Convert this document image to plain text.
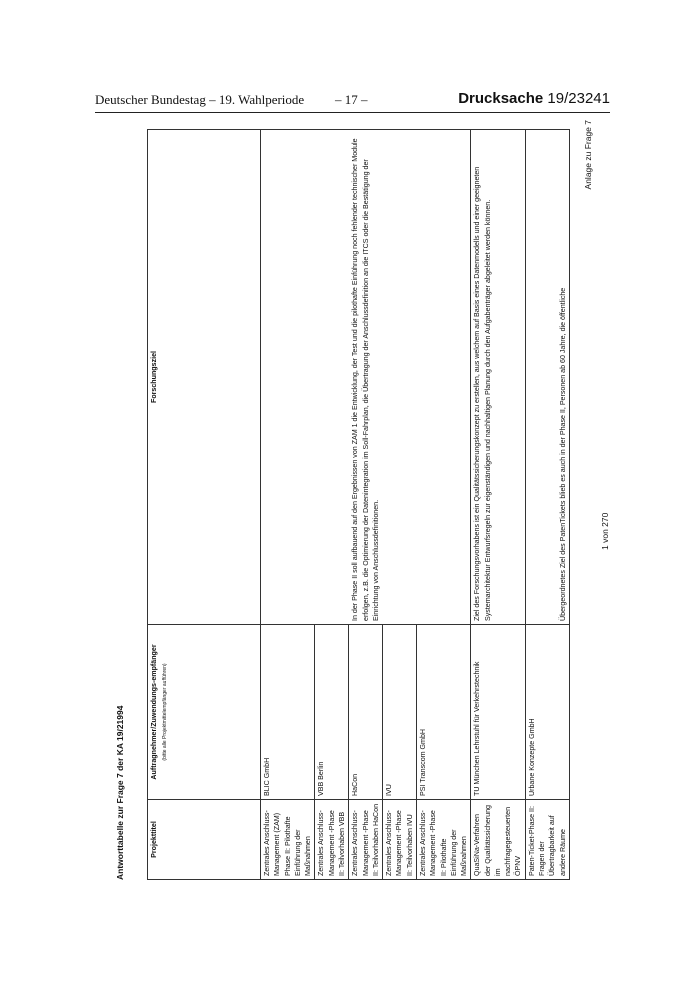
Deutscher Bundestag – 19. Wahlperiode – 17 –	Drucksache 19/23241
Antworttabelle zur Frage 7 der KA 19/21994	Projekttitel	Auftragnehmer/Zuwendungs-empfänger (bitte alle Projektmittelempfänger aufführen)	Forschungsziel
Zentrales Anschluss-Management (ZAM) Phase II: Pilothafte Einführung der Maßnahmen	BLIC GmbH	In der Phase II soll aufbauend auf den Ergebnissen von ZAM 1 die Entwicklung, der Test und die pilothafte Einführung noch fehlender technischer Module erfolgen, z.B. die Optimierung der Datenintegration im Soll-Fahrplan, die Übertragung der Anschlussdefinition an die ITCS oder die Bestätigung der Einrichtung von Anschlussdefinitionen.
Zentrales Anschluss-Management -Phase II: Teilvorhaben VBB	VBB Berlin	
Zentrales Anschluss-Management -Phase II: Teilvorhaben HaCon	HaCon	
Zentrales Anschluss-Management -Phase II: Teilvorhaben IVU	IVU	
Zentrales Anschluss-Management -Phase II: Pilothafte Einführung der Maßnahmen	PSI Transcom GmbH	
QuaSiNa-Verfahren der Qualitätssicherung im nachfragegesteuerten ÖPNV	TU München Lehrstuhl für Verkehrstechnik	Ziel des Forschungsvorhabens ist ein Qualitätssicherungskonzept zu erstellen, aus welchem auf Basis eines Datenmodells und einer geeigneten Systemarchitektur Entwurfsregeln zur eigenständigen und nachhaltigen Planung durch den Aufgabenträger abgeleitet werden können.
Paten-Ticket-Phase II: Fragen der Übertragbarkeit auf andere Räume	Urbane Konzepte GmbH	Übergeordnetes Ziel des PatenTickets blieb es auch in der Phase II, Personen ab 60 Jahre, die öffentliche	1 von 270
Anlage zu Frage 7
